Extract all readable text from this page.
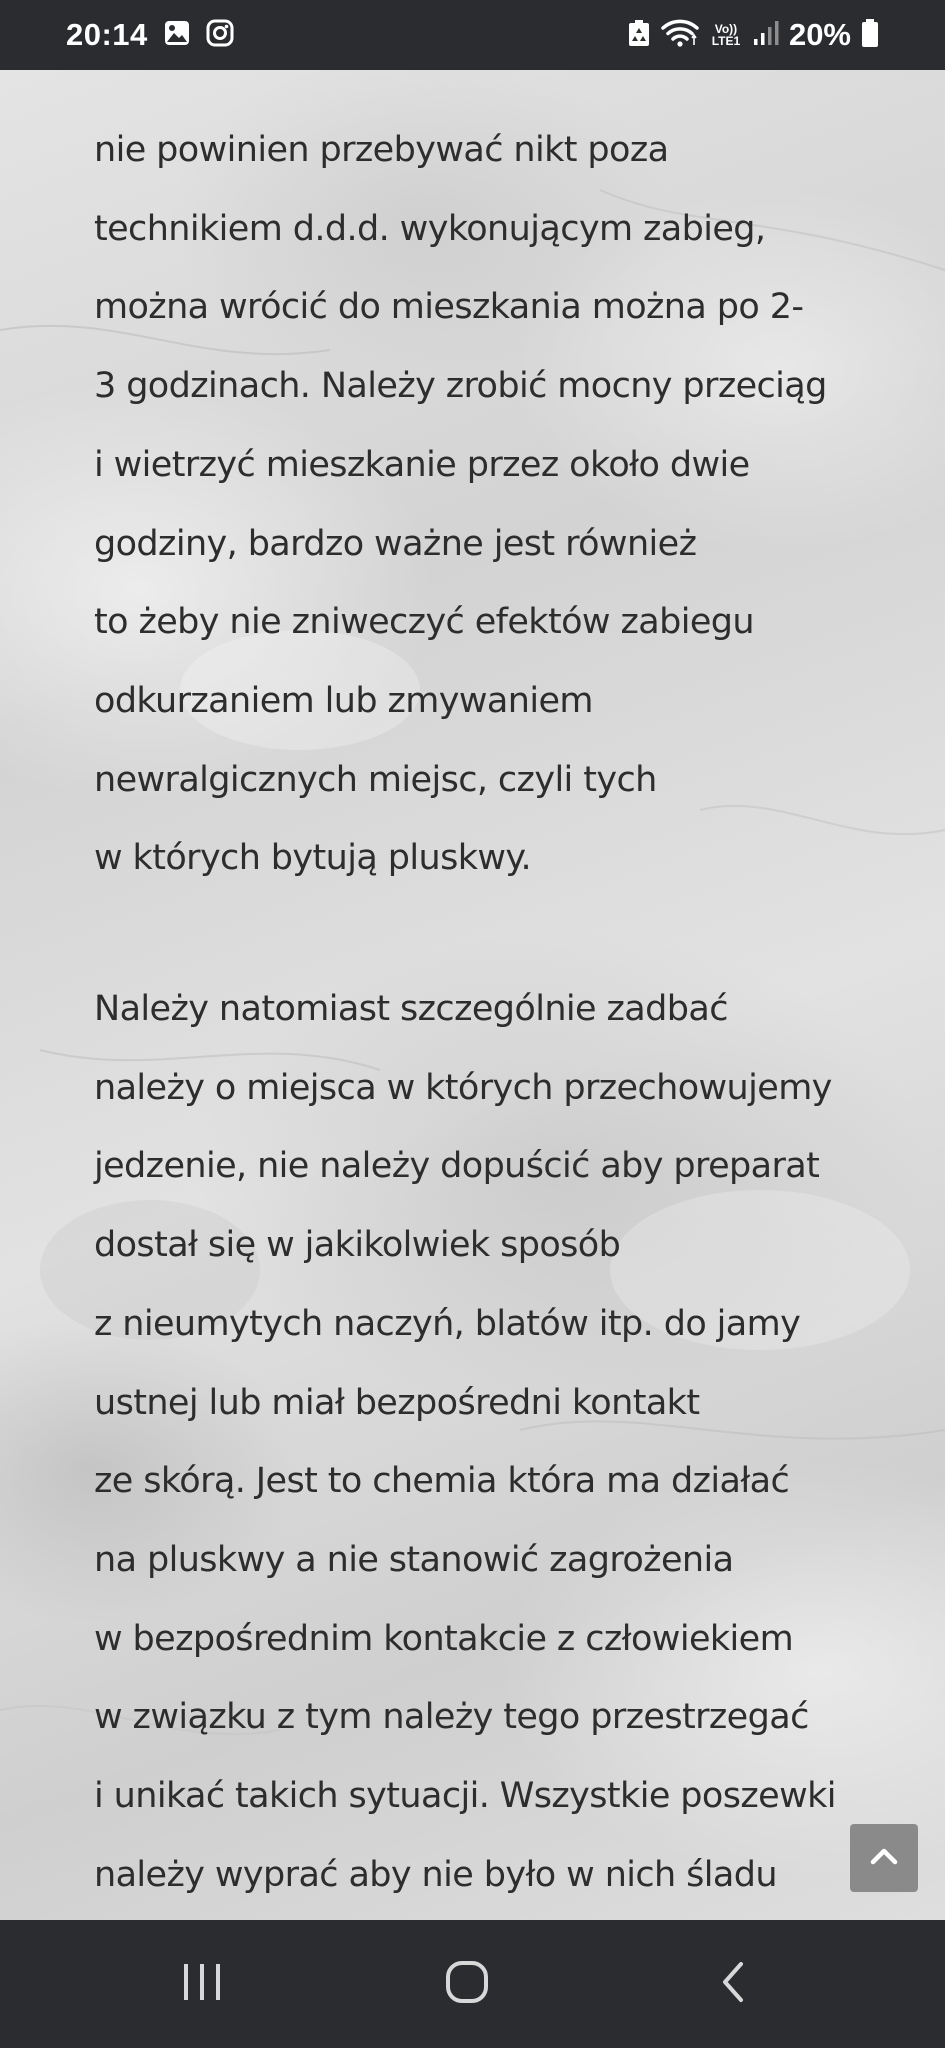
20:14	Vo))
LTE1 20%

nie powinien przebywać nikt poza
technikiem d.d.d. wykonującym zabieg,
można wrócić do mieszkania można po 2-
3 godzinach. Należy zrobić mocny przeciąg
i wietrzyć mieszkanie przez około dwie
godziny, bardzo ważne jest również
to żeby nie zniweczyć efektów zabiegu
odkurzaniem lub zmywaniem
newralgicznych miejsc, czyli tych
w których bytują pluskwy.

Należy natomiast szczególnie zadbać
należy o miejsca w których przechowujemy
jedzenie, nie należy dopuścić aby preparat
dostał się w jakikolwiek sposób
z nieumytych naczyń, blatów itp. do jamy
ustnej lub miał bezpośredni kontakt
ze skórą. Jest to chemia która ma działać
na pluskwy a nie stanowić zagrożenia
w bezpośrednim kontakcie z człowiekiem
w związku z tym należy tego przestrzegać
i unikać takich sytuacji. Wszystkie poszewki
należy wyprać aby nie było w nich śladu
